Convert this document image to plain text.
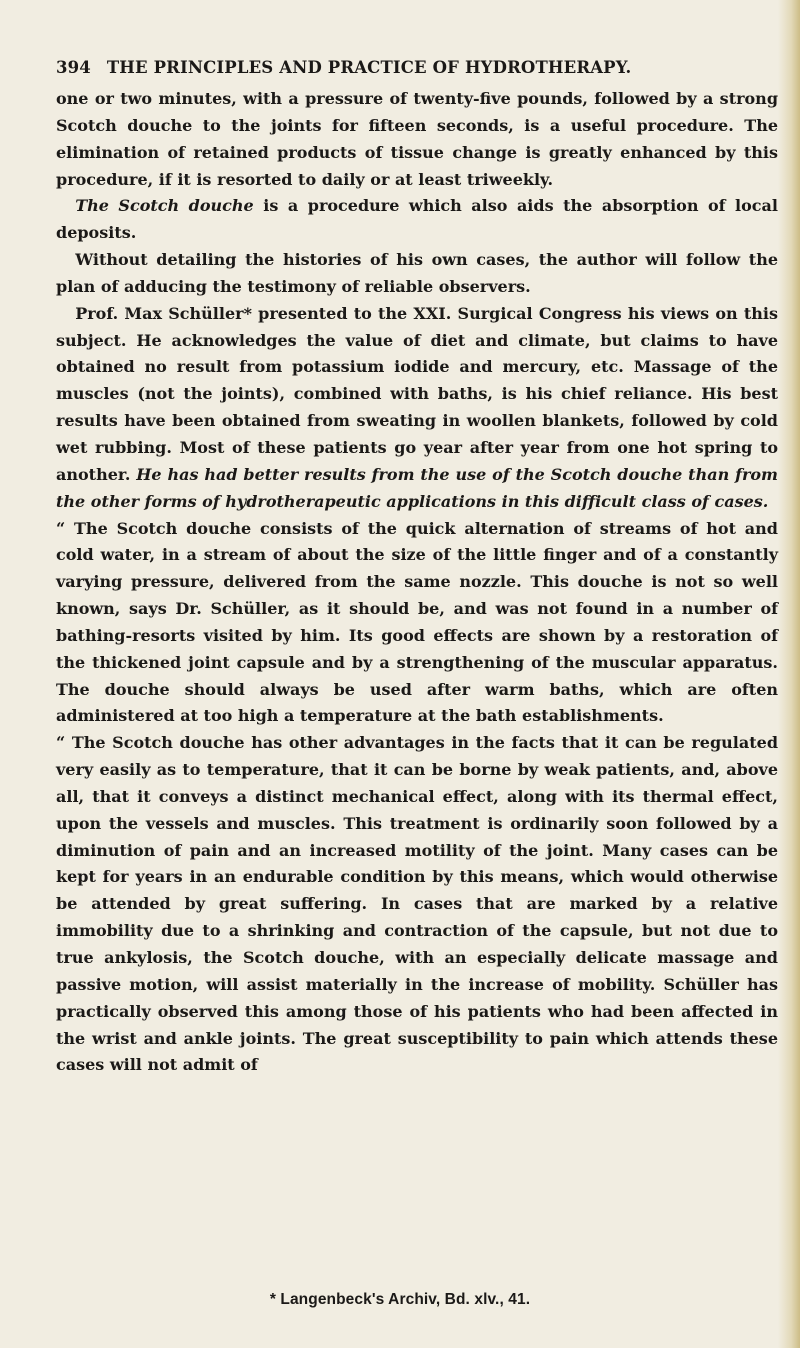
394 THE PRINCIPLES AND PRACTICE OF HYDROTHERAPY.

one or two minutes, with a pressure of twenty-five pounds, followed by a strong Scotch douche to the joints for fifteen seconds, is a useful procedure. The elimination of retained products of tissue change is greatly enhanced by this procedure, if it is resorted to daily or at least triweekly.

The Scotch douche is a procedure which also aids the absorption of local deposits.

Without detailing the histories of his own cases, the author will follow the plan of adducing the testimony of reliable observers.

Prof. Max Schüller* presented to the XXI. Surgical Congress his views on this subject. He acknowledges the value of diet and climate, but claims to have obtained no result from potassium iodide and mercury, etc. Massage of the muscles (not the joints), combined with baths, is his chief reliance. His best results have been obtained from sweating in woollen blankets, followed by cold wet rubbing. Most of these patients go year after year from one hot spring to another. He has had better results from the use of the Scotch douche than from the other forms of hydrotherapeutic applications in this difficult class of cases.

“ The Scotch douche consists of the quick alternation of streams of hot and cold water, in a stream of about the size of the little finger and of a constantly varying pressure, delivered from the same nozzle. This douche is not so well known, says Dr. Schüller, as it should be, and was not found in a number of bathing-resorts visited by him. Its good effects are shown by a restoration of the thickened joint capsule and by a strengthening of the muscular apparatus. The douche should always be used after warm baths, which are often administered at too high a temperature at the bath establishments.

“ The Scotch douche has other advantages in the facts that it can be regulated very easily as to temperature, that it can be borne by weak patients, and, above all, that it conveys a distinct mechanical effect, along with its thermal effect, upon the vessels and muscles. This treatment is ordinarily soon followed by a diminution of pain and an increased motility of the joint. Many cases can be kept for years in an endurable condition by this means, which would otherwise be attended by great suffering. In cases that are marked by a relative immobility due to a shrinking and contraction of the capsule, but not due to true ankylosis, the Scotch douche, with an especially delicate massage and passive motion, will assist materially in the increase of mobility. Schüller has practically observed this among those of his patients who had been affected in the wrist and ankle joints. The great susceptibility to pain which attends these cases will not admit of

* Langenbeck's Archiv, Bd. xlv., 41.
